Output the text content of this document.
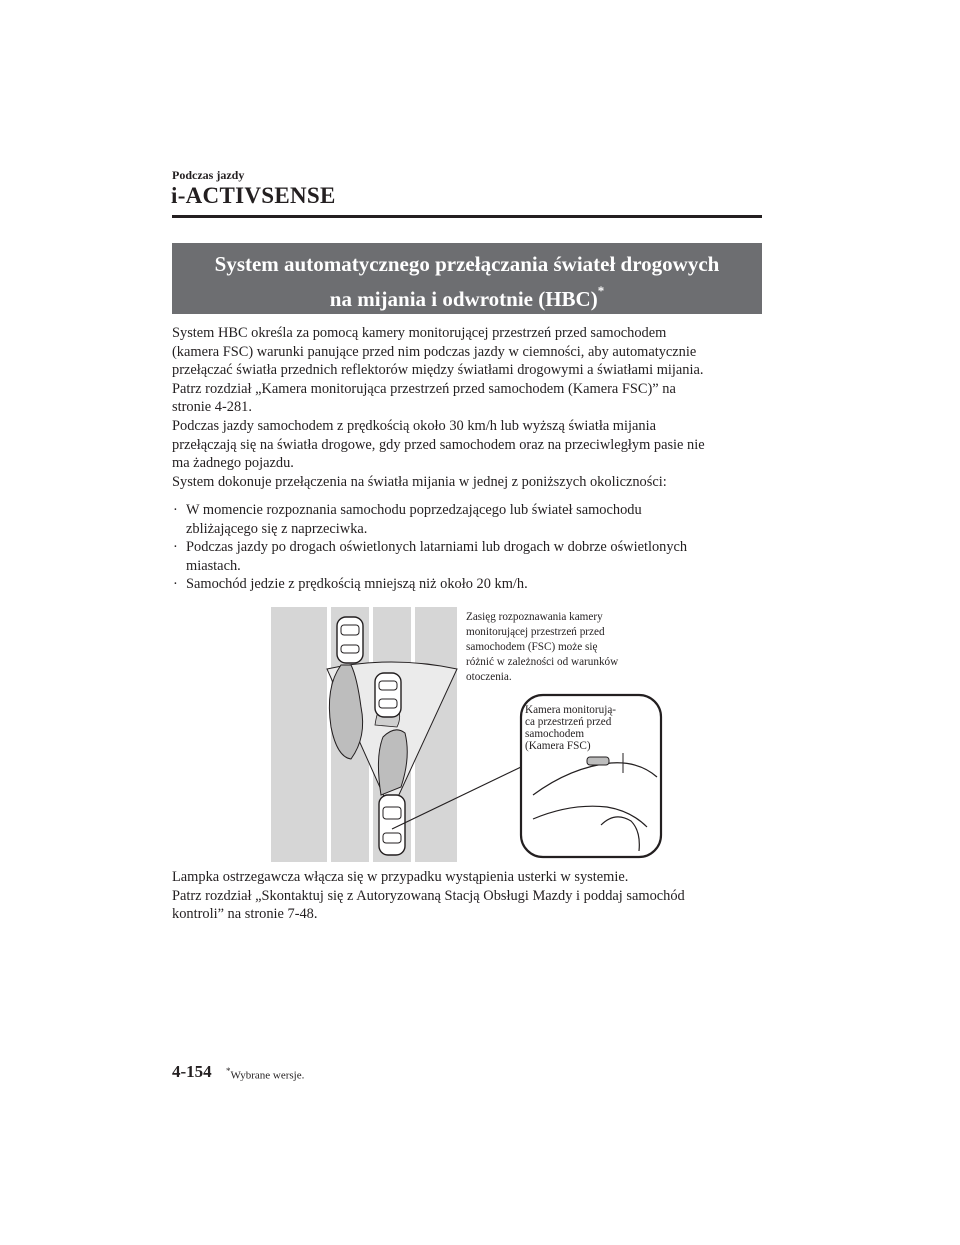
Podczas jazdy
i-ACTIVSENSE
System automatycznego przełączania świateł drogowych
na mijania i odwrotnie (HBC)*
System HBC określa za pomocą kamery monitorującej przestrzeń przed samochodem
(kamera FSC) warunki panujące przed nim podczas jazdy w ciemności, aby automatycznie
przełączać światła przednich reflektorów między światłami drogowymi a światłami mijania.
Patrz rozdział „Kamera monitorująca przestrzeń przed samochodem (Kamera FSC)” na
stronie 4-281.
Podczas jazdy samochodem z prędkością około 30 km/h lub wyższą światła mijania
przełączają się na światła drogowe, gdy przed samochodem oraz na przeciwległym pasie nie
ma żadnego pojazdu.
System dokonuje przełączenia na światła mijania w jednej z poniższych okoliczności:
· W momencie rozpoznania samochodu poprzedzającego lub świateł samochodu
zbliżającego się z naprzeciwka.
· Podczas jazdy po drogach oświetlonych latarniami lub drogach w dobrze oświetlonych
miastach.
· Samochód jedzie z prędkością mniejszą niż około 20 km/h.
Zasięg rozpoznawania kamery
monitorującej przestrzeń przed
samochodem (FSC) może się
różnić w zależności od warunków
otoczenia.
Kamera monitorują-
ca przestrzeń przed
samochodem
(Kamera FSC)
Lampka ostrzegawcza włącza się w przypadku wystąpienia usterki w systemie.
Patrz rozdział „Skontaktuj się z Autoryzowaną Stacją Obsługi Mazdy i poddaj samochód
kontroli” na stronie 7-48.
4-154 *Wybrane wersje.
